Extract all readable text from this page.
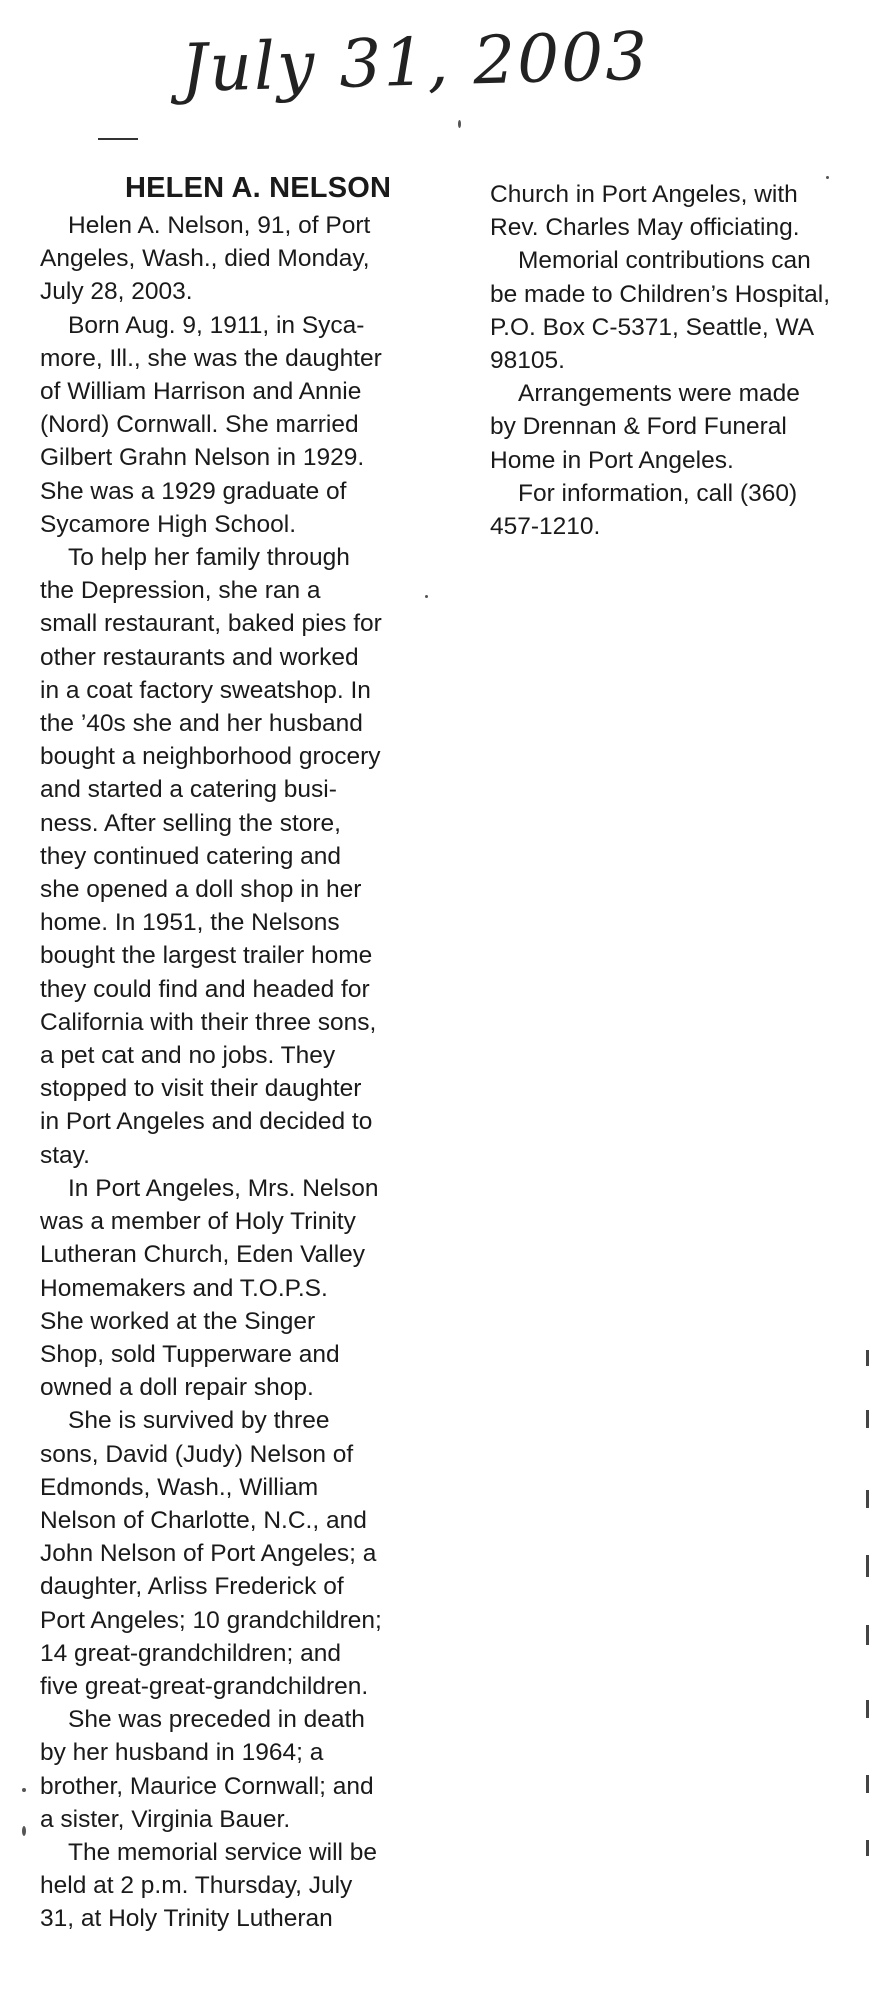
July 31, 2003
HELEN A. NELSON
Helen A. Nelson, 91, of Port
Angeles, Wash., died Monday,
July 28, 2003.
Born Aug. 9, 1911, in Syca-
more, Ill., she was the daughter
of William Harrison and Annie
(Nord) Cornwall. She married
Gilbert Grahn Nelson in 1929.
She was a 1929 graduate of
Sycamore High School.
To help her family through
the Depression, she ran a
small restaurant, baked pies for
other restaurants and worked
in a coat factory sweatshop. In
the ’40s she and her husband
bought a neighborhood grocery
and started a catering busi-
ness. After selling the store,
they continued catering and
she opened a doll shop in her
home. In 1951, the Nelsons
bought the largest trailer home
they could find and headed for
California with their three sons,
a pet cat and no jobs. They
stopped to visit their daughter
in Port Angeles and decided to
stay.
In Port Angeles, Mrs. Nelson
was a member of Holy Trinity
Lutheran Church, Eden Valley
Homemakers and T.O.P.S.
She worked at the Singer
Shop, sold Tupperware and
owned a doll repair shop.
She is survived by three
sons, David (Judy) Nelson of
Edmonds, Wash., William
Nelson of Charlotte, N.C., and
John Nelson of Port Angeles; a
daughter, Arliss Frederick of
Port Angeles; 10 grandchildren;
14 great-grandchildren; and
five great-great-grandchildren.
She was preceded in death
by her husband in 1964; a
brother, Maurice Cornwall; and
a sister, Virginia Bauer.
The memorial service will be
held at 2 p.m. Thursday, July
31, at Holy Trinity Lutheran
Church in Port Angeles, with
Rev. Charles May officiating.
Memorial contributions can
be made to Children’s Hospital,
P.O. Box C-5371, Seattle, WA
98105.
Arrangements were made
by Drennan & Ford Funeral
Home in Port Angeles.
For information, call (360)
457-1210.
